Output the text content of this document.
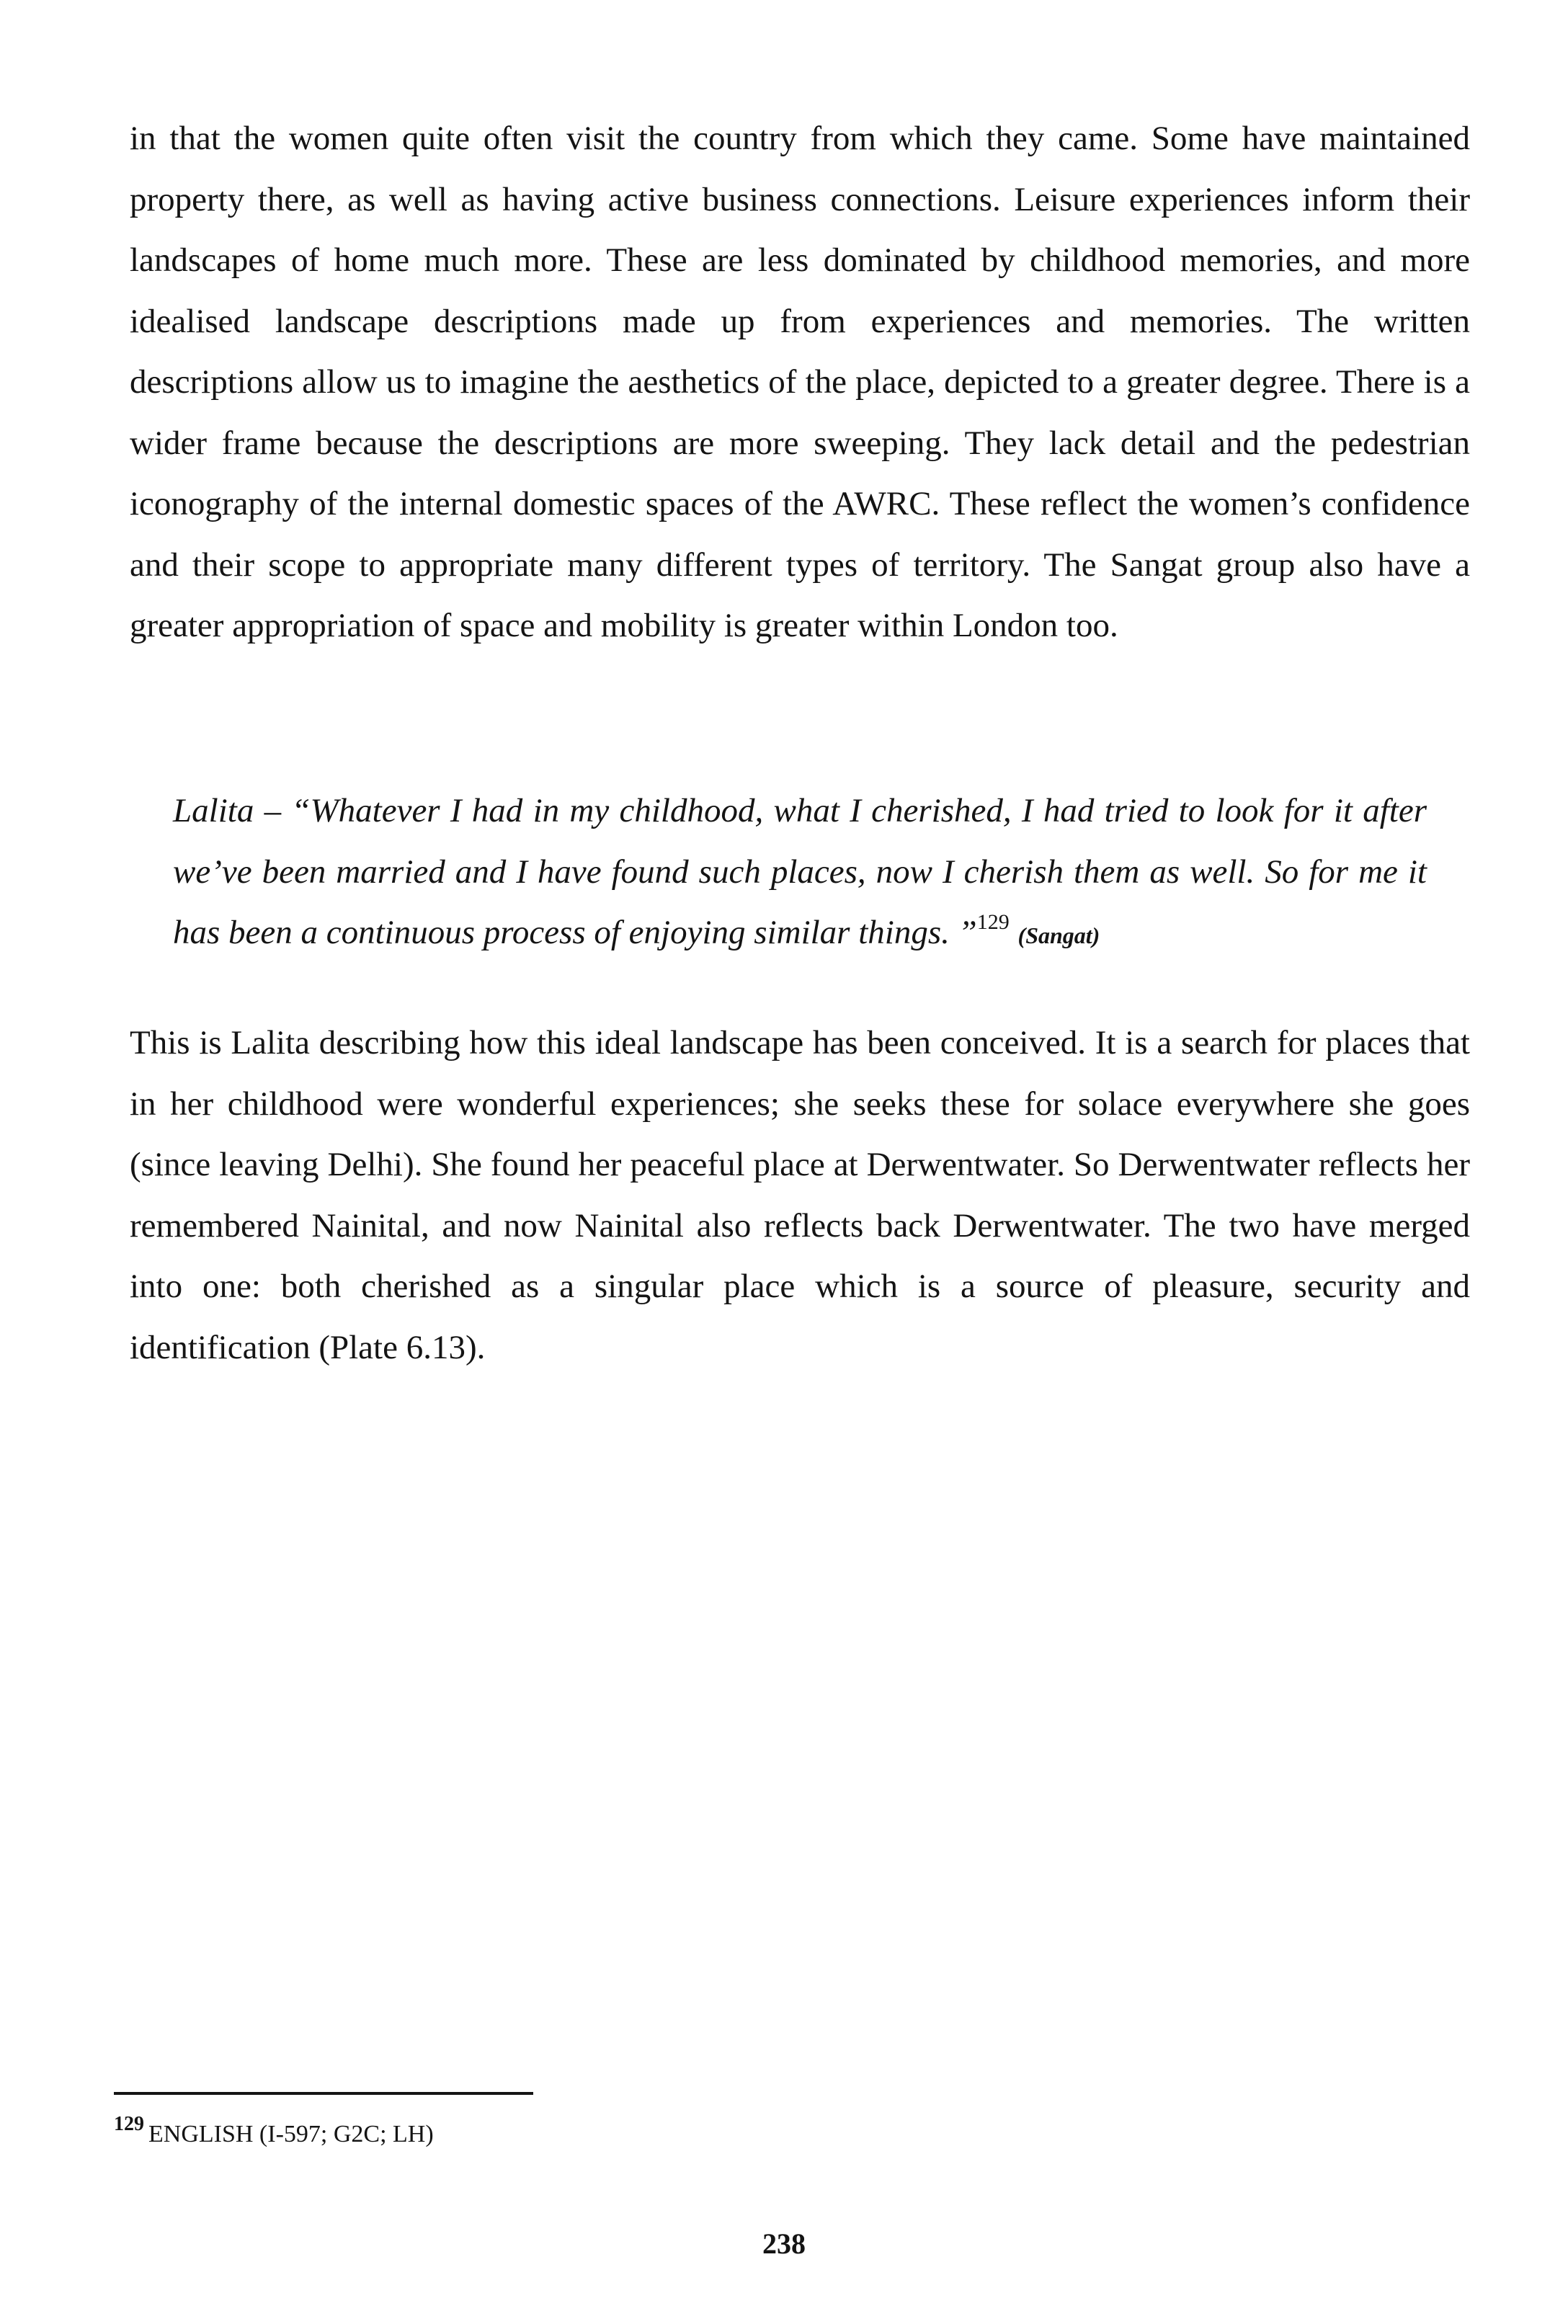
in that the women quite often visit the country from which they came. Some have maintained property there, as well as having active business connections. Leisure experiences inform their landscapes of home much more. These are less dominated by childhood memories, and more idealised landscape descriptions made up from experiences and memories. The written descriptions allow us to imagine the aesthetics of the place, depicted to a greater degree. There is a wider frame because the descriptions are more sweeping. They lack detail and the pedestrian iconography of the internal domestic spaces of the AWRC. These reflect the women’s confidence and their scope to appropriate many different types of territory. The Sangat group also have a greater appropriation of space and mobility is greater within London too.

Lalita – “Whatever I had in my childhood, what I cherished, I had tried to look for it after we’ve been married and I have found such places, now I cherish them as well. So for me it has been a continuous process of enjoying similar things. ”$^{129}$ (Sangat)

This is Lalita describing how this ideal landscape has been conceived. It is a search for places that in her childhood were wonderful experiences; she seeks these for solace everywhere she goes (since leaving Delhi). She found her peaceful place at Derwentwater. So Derwentwater reflects her remembered Nainital, and now Nainital also reflects back Derwentwater. The two have merged into one: both cherished as a singular place which is a source of pleasure, security and identification (Plate 6.13).

$^{129}$ ENGLISH (I-597; G2C; LH)

238
